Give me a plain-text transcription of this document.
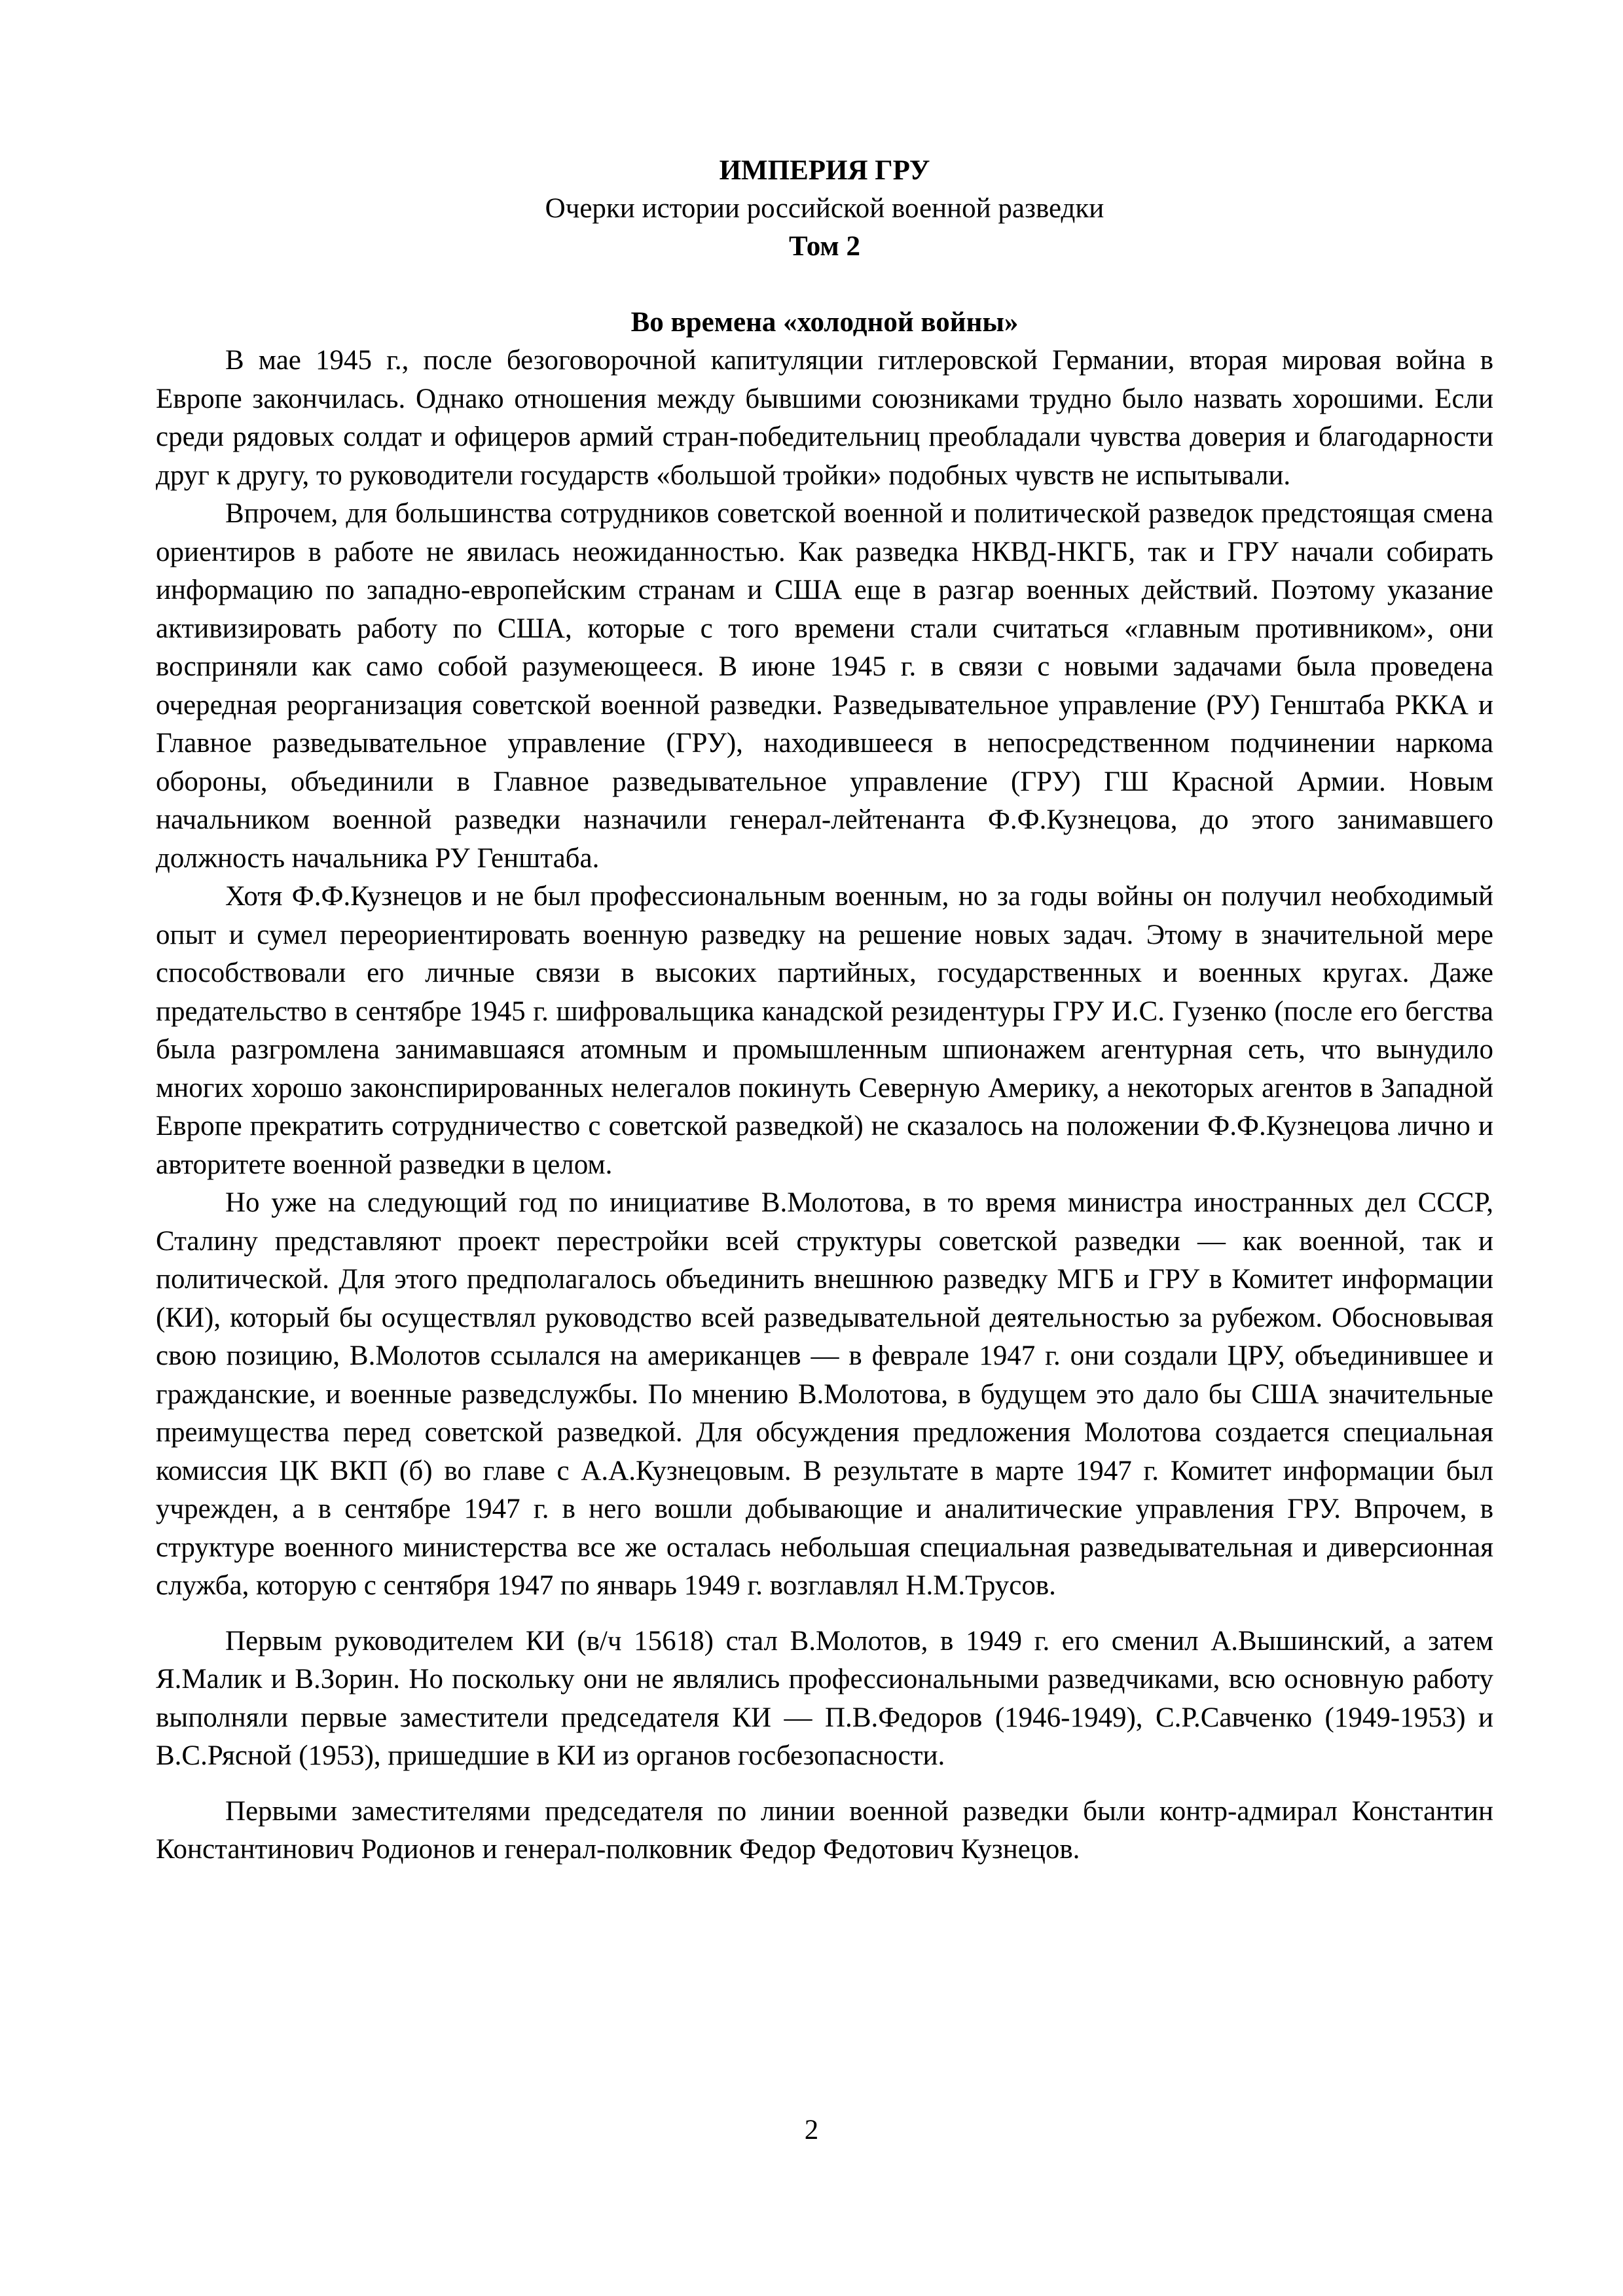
ИМПЕРИЯ ГРУ

Очерки истории российской военной разведки

Том 2

Во времена «холодной войны»

В мае 1945 г., после безоговорочной капитуляции гитлеровской Германии, вторая мировая война в Европе закончилась. Однако отношения между бывшими союзниками трудно было назвать хорошими. Если среди рядовых солдат и офицеров армий стран-победительниц преобладали чувства доверия и благодарности друг к другу, то руководители государств «большой тройки» подобных чувств не испытывали.

Впрочем, для большинства сотрудников советской военной и политической разведок предстоящая смена ориентиров в работе не явилась неожиданностью. Как разведка НКВД-НКГБ, так и ГРУ начали собирать информацию по западно-европейским странам и США еще в разгар военных действий. Поэтому указание активизировать работу по США, которые с того времени стали считаться «главным противником», они восприняли как само собой разумеющееся. В июне 1945 г. в связи с новыми задачами была проведена очередная реорганизация советской военной разведки. Разведывательное управление (РУ) Генштаба РККА и Главное разведывательное управление (ГРУ), находившееся в непосредственном подчинении наркома обороны, объединили в Главное разведывательное управление (ГРУ) ГШ Красной Армии. Новым начальником военной разведки назначили генерал-лейтенанта Ф.Ф.Кузнецова, до этого занимавшего должность начальника РУ Генштаба.

Хотя Ф.Ф.Кузнецов и не был профессиональным военным, но за годы войны он получил необходимый опыт и сумел переориентировать военную разведку на решение новых задач. Этому в значительной мере способствовали его личные связи в высоких партийных, государственных и военных кругах. Даже предательство в сентябре 1945 г. шифровальщика канадской резидентуры ГРУ И.С. Гузенко (после его бегства была разгромлена занимавшаяся атомным и промышленным шпионажем агентурная сеть, что вынудило многих хорошо законспирированных нелегалов покинуть Северную Америку, а некоторых агентов в Западной Европе прекратить сотрудничество с советской разведкой) не сказалось на положении Ф.Ф.Кузнецова лично и авторитете военной разведки в целом.

Но уже на следующий год по инициативе В.Молотова, в то время министра иностранных дел СССР, Сталину представляют проект перестройки всей структуры советской разведки — как военной, так и политической. Для этого предполагалось объединить внешнюю разведку МГБ и ГРУ в Комитет информации (КИ), который бы осуществлял руководство всей разведывательной деятельностью за рубежом. Обосновывая свою позицию, В.Молотов ссылался на американцев — в феврале 1947 г. они создали ЦРУ, объединившее и гражданские, и военные разведслужбы. По мнению В.Молотова, в будущем это дало бы США значительные преимущества перед советской разведкой. Для обсуждения предложения Молотова создается специальная комиссия ЦК ВКП (б) во главе с А.А.Кузнецовым. В результате в марте 1947 г. Комитет информации был учрежден, а в сентябре 1947 г. в него вошли добывающие и аналитические управления ГРУ. Впрочем, в структуре военного министерства все же осталась небольшая специальная разведывательная и диверсионная служба, которую с сентября 1947 по январь 1949 г. возглавлял Н.М.Трусов.

Первым руководителем КИ (в/ч 15618) стал В.Молотов, в 1949 г. его сменил А.Вышинский, а затем Я.Малик и В.Зорин. Но поскольку они не являлись профессиональными разведчиками, всю основную работу выполняли первые заместители председателя КИ — П.В.Федоров (1946-1949), С.Р.Савченко (1949-1953) и В.С.Рясной (1953), пришедшие в КИ из органов госбезопасности.

Первыми заместителями председателя по линии военной разведки были контр-адмирал Константин Константинович Родионов и генерал-полковник Федор Федотович Кузнецов.

2
